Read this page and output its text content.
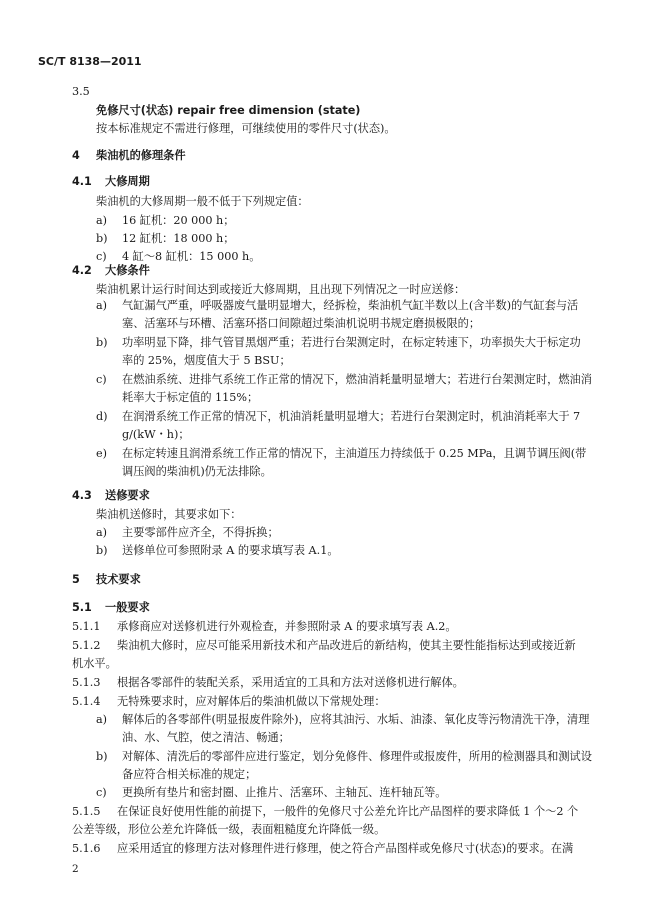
SC/T 8138—2011
3.5
免修尺寸(状态) repair free dimension (state)
按本标准规定不需进行修理，可继续使用的零件尺寸(状态)。
4 柴油机的修理条件
4.1 大修周期
柴油机的大修周期一般不低于下列规定值：
a) 16 缸机：20 000 h；
b) 12 缸机：18 000 h；
c) 4 缸～8 缸机：15 000 h。
4.2 大修条件
柴油机累计运行时间达到或接近大修周期，且出现下列情况之一时应送修：
a) 气缸漏气严重，呼吸器废气量明显增大，经拆检，柴油机气缸半数以上(含半数)的气缸套与活
塞、活塞环与环槽、活塞环搭口间隙超过柴油机说明书规定磨损极限的；
b) 功率明显下降，排气管冒黑烟严重；若进行台架测定时，在标定转速下，功率损失大于标定功
率的 25%，烟度值大于 5 BSU；
c) 在燃油系统、进排气系统工作正常的情况下，燃油消耗量明显增大；若进行台架测定时，燃油消
耗率大于标定值的 115%；
d) 在润滑系统工作正常的情况下，机油消耗量明显增大；若进行台架测定时，机油消耗率大于 7
g/(kW・h)；
e) 在标定转速且润滑系统工作正常的情况下，主油道压力持续低于 0.25 MPa，且调节调压阀(带
调压阀的柴油机)仍无法排除。
4.3 送修要求
柴油机送修时，其要求如下：
a) 主要零部件应齐全，不得拆换；
b) 送修单位可参照附录 A 的要求填写表 A.1。
5 技术要求
5.1 一般要求
5.1.1 承修商应对送修机进行外观检查，并参照附录 A 的要求填写表 A.2。
5.1.2 柴油机大修时，应尽可能采用新技术和产品改进后的新结构，使其主要性能指标达到或接近新
机水平。
5.1.3 根据各零部件的装配关系，采用适宜的工具和方法对送修机进行解体。
5.1.4 无特殊要求时，应对解体后的柴油机做以下常规处理：
a) 解体后的各零部件(明显报废件除外)，应将其油污、水垢、油漆、氧化皮等污物清洗干净，清理
油、水、气腔，使之清洁、畅通；
b) 对解体、清洗后的零部件应进行鉴定，划分免修件、修理件或报废件，所用的检测器具和测试设
备应符合相关标准的规定；
c) 更换所有垫片和密封圈、止推片、活塞环、主轴瓦、连杆轴瓦等。
5.1.5 在保证良好使用性能的前提下，一般件的免修尺寸公差允许比产品图样的要求降低 1 个～2 个
公差等级，形位公差允许降低一级，表面粗糙度允许降低一级。
5.1.6 应采用适宜的修理方法对修理件进行修理，使之符合产品图样或免修尺寸(状态)的要求。在满
2
